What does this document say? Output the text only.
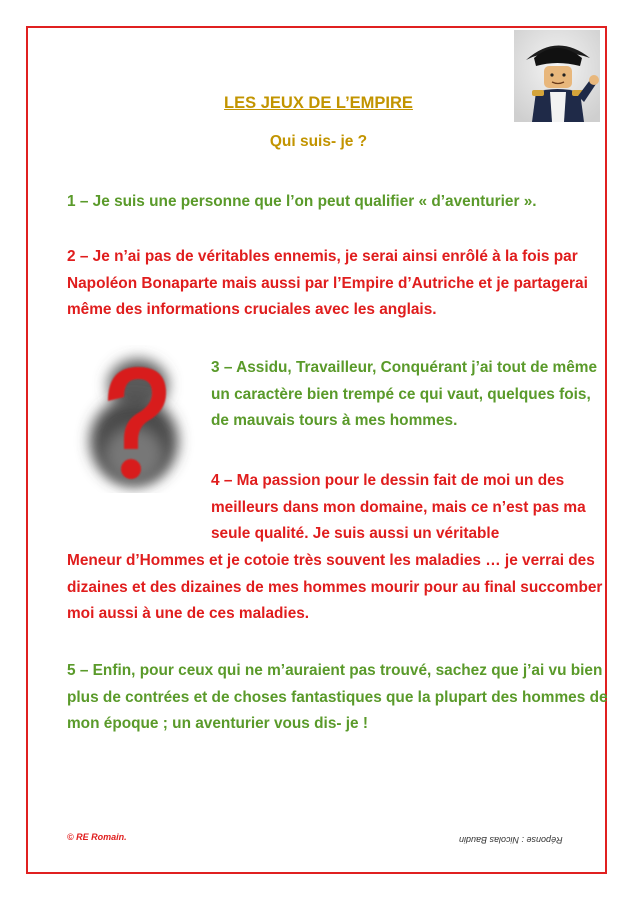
LES JEUX DE L’EMPIRE
Qui suis- je ?
1 – Je suis une personne que l’on peut qualifier « d’aventurier ».
2 – Je n’ai pas de véritables ennemis, je serai ainsi enrôlé à la fois par Napoléon Bonaparte mais aussi par l’Empire d’Autriche et je partagerai même des informations cruciales avec les anglais.
3 – Assidu, Travailleur, Conquérant j’ai tout de même un caractère bien trempé ce qui vaut, quelques fois, de mauvais tours à mes hommes.
4 – Ma passion pour le dessin fait de moi un des meilleurs dans mon domaine, mais ce n’est pas ma seule qualité. Je suis aussi un véritable
Meneur d’Hommes et je cotoie très souvent les maladies … je verrai des dizaines et des dizaines de mes hommes mourir pour au final succomber moi aussi à une de ces maladies.
5 – Enfin, pour ceux qui ne m’auraient pas trouvé, sachez que j’ai vu bien plus de contrées et de choses fantastiques que la plupart des hommes de mon époque ; un aventurier vous dis- je !
© RE Romain.	Réponse : Nicolas Baudin
